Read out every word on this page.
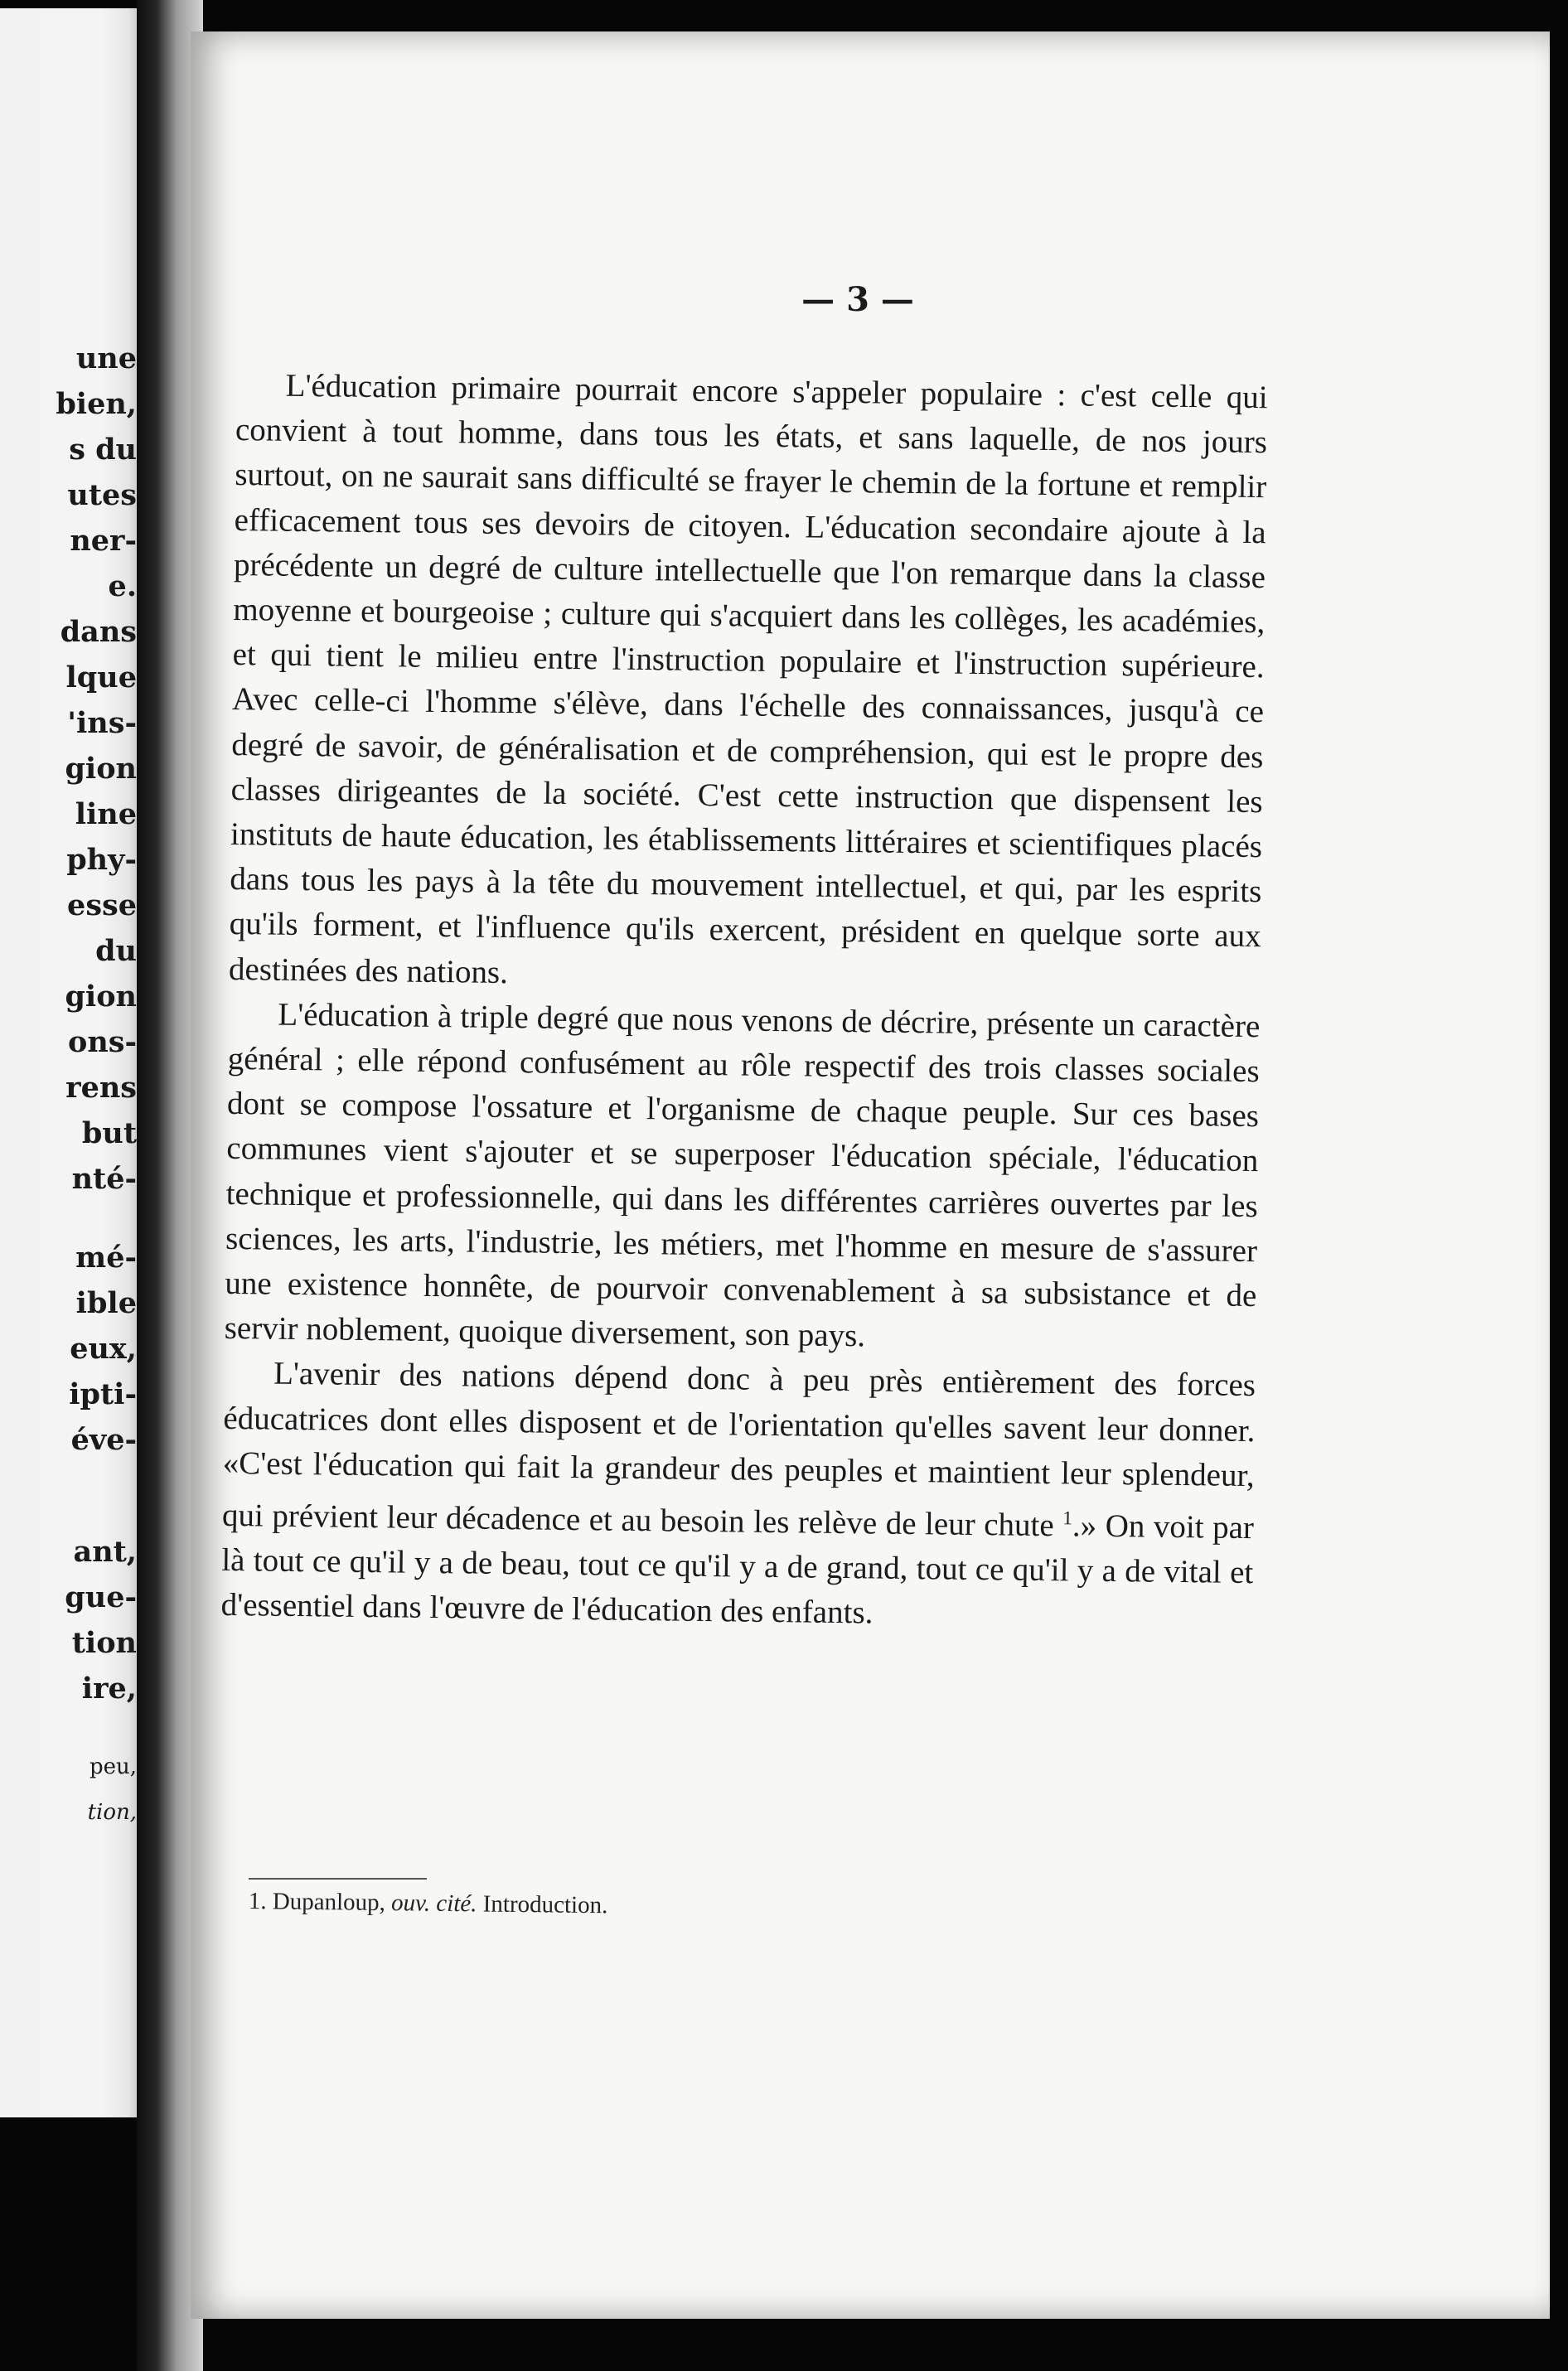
une
bien,
s du
utes
ner-
e.
dans
lque
'ins-
gion
line
phy-
esse
du
gion
ons-
rens
but
nté-
mé-
ible
eux,
ipti-
éve-
ant,
gue-
tion
ire,
peu,
tion,
— 3 —

L'éducation primaire pourrait encore s'appeler populaire : c'est celle qui convient à tout homme, dans tous les états, et sans laquelle, de nos jours surtout, on ne saurait sans difficulté se frayer le chemin de la fortune et remplir efficacement tous ses devoirs de citoyen. L'éducation secondaire ajoute à la précédente un degré de culture intellectuelle que l'on remarque dans la classe moyenne et bourgeoise ; culture qui s'acquiert dans les collèges, les académies, et qui tient le milieu entre l'instruction populaire et l'instruction supérieure. Avec celle-ci l'homme s'élève, dans l'échelle des connaissances, jusqu'à ce degré de savoir, de généralisation et de compréhension, qui est le propre des classes dirigeantes de la société. C'est cette instruction que dispensent les instituts de haute éducation, les établissements littéraires et scientifiques placés dans tous les pays à la tête du mouvement intellectuel, et qui, par les esprits qu'ils forment, et l'influence qu'ils exercent, président en quelque sorte aux destinées des nations.

L'éducation à triple degré que nous venons de décrire, présente un caractère général ; elle répond confusément au rôle respectif des trois classes sociales dont se compose l'ossature et l'organisme de chaque peuple. Sur ces bases communes vient s'ajouter et se superposer l'éducation spéciale, l'éducation technique et professionnelle, qui dans les différentes carrières ouvertes par les sciences, les arts, l'industrie, les métiers, met l'homme en mesure de s'assurer une existence honnête, de pourvoir convenablement à sa subsistance et de servir noblement, quoique diversement, son pays.

L'avenir des nations dépend donc à peu près entièrement des forces éducatrices dont elles disposent et de l'orientation qu'elles savent leur donner. «C'est l'éducation qui fait la grandeur des peuples et maintient leur splendeur, qui prévient leur décadence et au besoin les relève de leur chute $^1$.» On voit par là tout ce qu'il y a de beau, tout ce qu'il y a de grand, tout ce qu'il y a de vital et d'essentiel dans l'œuvre de l'éducation des enfants.

1. Dupanloup, ouv. cité. Introduction.
